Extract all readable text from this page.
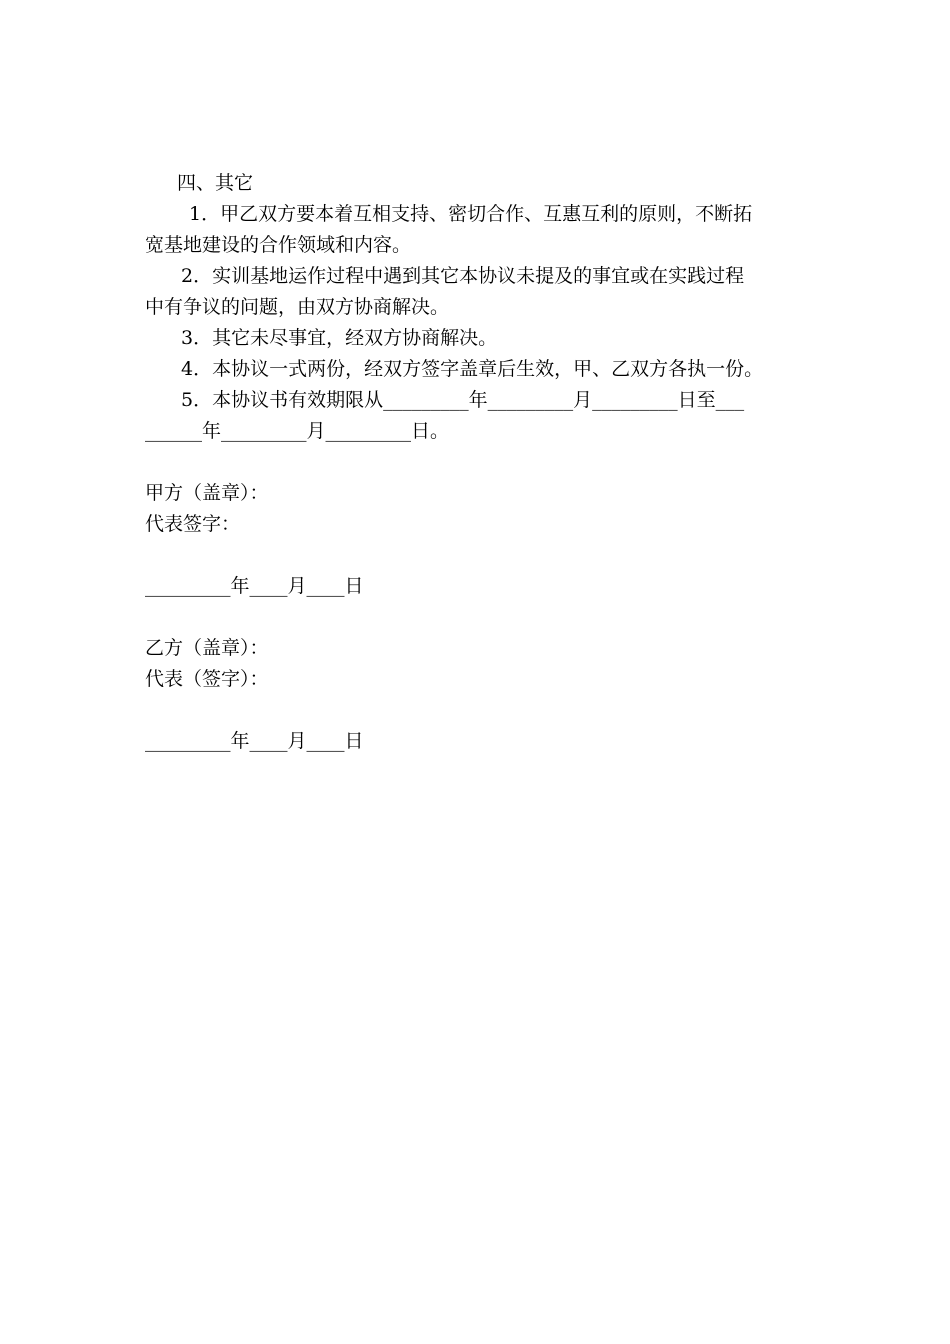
四、其它
1．甲乙双方要本着互相支持、密切合作、互惠互利的原则，不断拓
宽基地建设的合作领域和内容。
2．实训基地运作过程中遇到其它本协议未提及的事宜或在实践过程
中有争议的问题，由双方协商解决。
3．其它未尽事宜，经双方协商解决。
4．本协议一式两份，经双方签字盖章后生效，甲、乙双方各执一份。
5．本协议书有效期限从_________年_________月_________日至___
______年_________月_________日。
甲方（盖章）：
代表签字：
_________年____月____日
乙方（盖章）：
代表（签字）：
_________年____月____日
